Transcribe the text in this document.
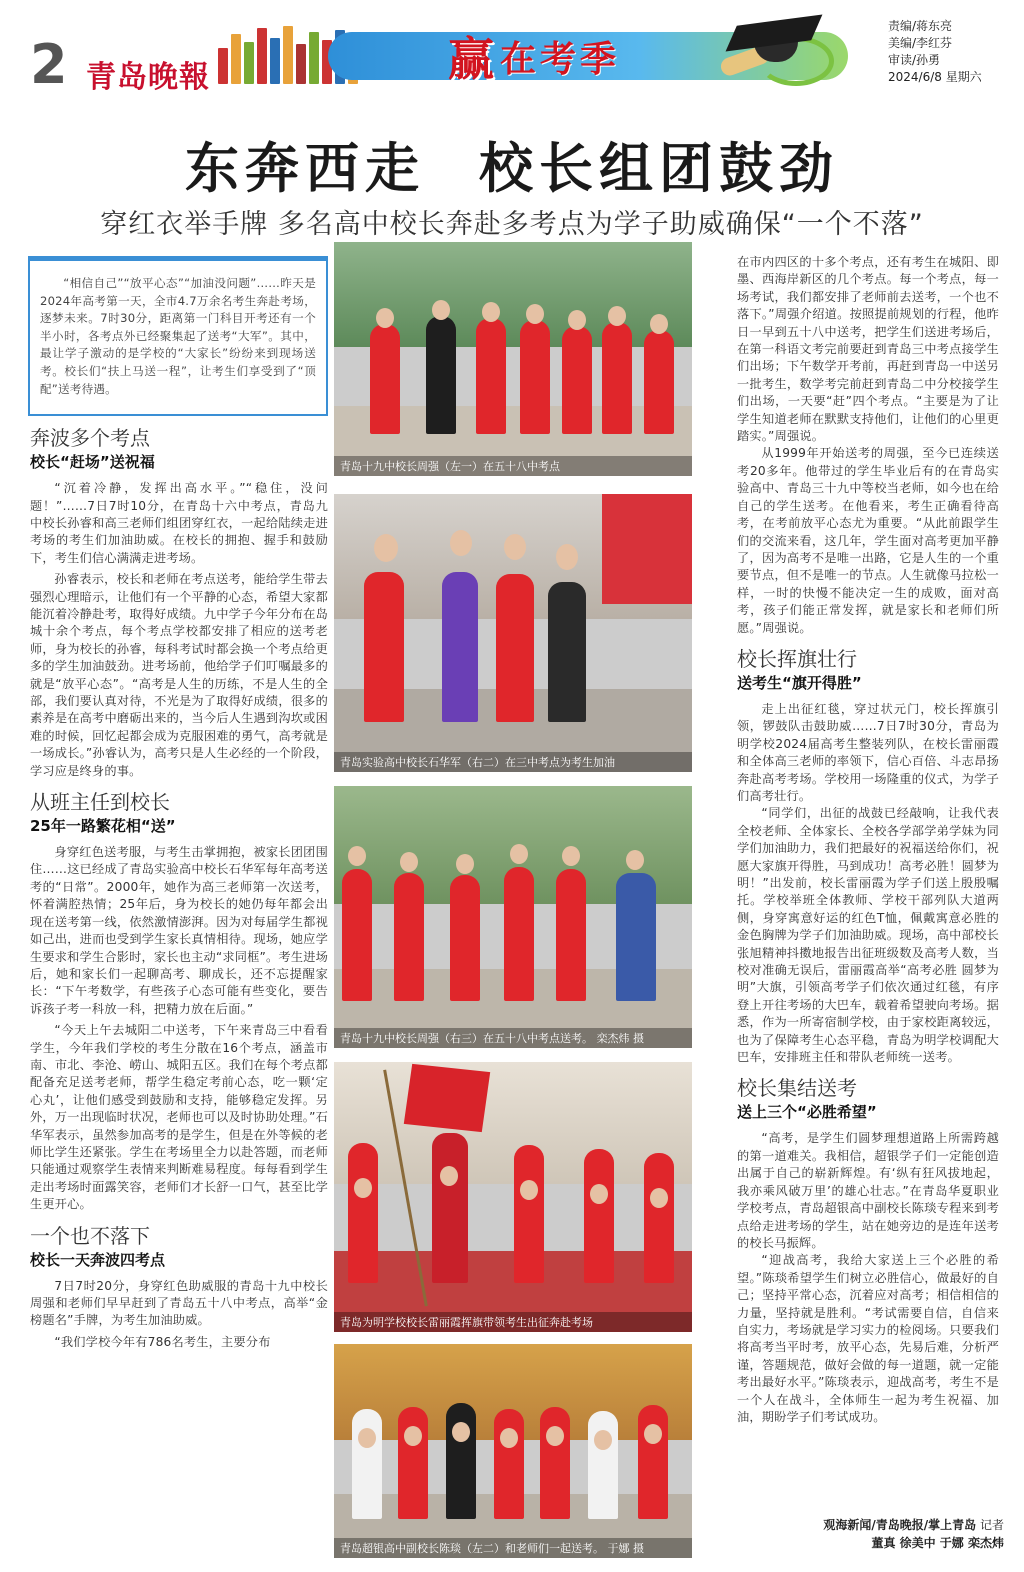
2 青岛晚報	赢 在考季
责编/蒋东亮
美编/李红芬
审读/孙勇
2024/6/8 星期六
东奔西走 校长组团鼓劲
穿红衣举手牌 多名高中校长奔赴多考点为学子助威确保“一个不落”

“相信自己”“放平心态”“加油没问题”……昨天是2024年高考第一天，全市4.7万余名考生奔赴考场，逐梦未来。7时30分，距离第一门科目开考还有一个半小时，各考点外已经聚集起了送考“大军”。其中，最让学子激动的是学校的“大家长”纷纷来到现场送考。校长们“扶上马送一程”，让考生们享受到了“顶配”送考待遇。

奔波多个考点
校长“赶场”送祝福

“沉着冷静，发挥出高水平。”“稳住，没问题！”……7日7时10分，在青岛十六中考点，青岛九中校长孙睿和高三老师们组团穿红衣，一起给陆续走进考场的考生们加油助威。在校长的拥抱、握手和鼓励下，考生们信心满满走进考场。

孙睿表示，校长和老师在考点送考，能给学生带去强烈心理暗示，让他们有一个平静的心态，希望大家都能沉着冷静赴考，取得好成绩。九中学子今年分布在岛城十余个考点，每个考点学校都安排了相应的送考老师，身为校长的孙睿，每科考试时都会换一个考点给更多的学生加油鼓劲。进考场前，他给学子们叮嘱最多的就是“放平心态”。“高考是人生的历练，不是人生的全部，我们要认真对待，不光是为了取得好成绩，很多的素养是在高考中磨砺出来的，当今后人生遇到沟坎或困难的时候，回忆起都会成为克服困难的勇气，高考就是一场成长。”孙睿认为，高考只是人生必经的一个阶段，学习应是终身的事。

从班主任到校长
25年一路繁花相“送”

身穿红色送考服，与考生击掌拥抱，被家长团团围住……这已经成了青岛实验高中校长石华军每年高考送考的“日常”。2000年，她作为高三老师第一次送考，怀着满腔热情；25年后，身为校长的她仍每年都会出现在送考第一线，依然激情澎湃。因为对每届学生都视如己出，进而也受到学生家长真情相待。现场，她应学生要求和学生合影时，家长也主动“求同框”。考生进场后，她和家长们一起聊高考、聊成长，还不忘提醒家长：“下午考数学，有些孩子心态可能有些变化，要告诉孩子考一科放一科，把精力放在后面。”

“今天上午去城阳二中送考，下午来青岛三中看看学生，今年我们学校的考生分散在16个考点，涵盖市南、市北、李沧、崂山、城阳五区。我们在每个考点都配备充足送考老师，帮学生稳定考前心态，吃一颗‘定心丸’，让他们感受到鼓励和支持，能够稳定发挥。另外，万一出现临时状况，老师也可以及时协助处理。”石华军表示，虽然参加高考的是学生，但是在外等候的老师比学生还紧张。学生在考场里全力以赴答题，而老师只能通过观察学生表情来判断难易程度。每每看到学生走出考场时面露笑容，老师们才长舒一口气，甚至比学生更开心。

一个也不落下
校长一天奔波四考点

7日7时20分，身穿红色助威服的青岛十九中校长周强和老师们早早赶到了青岛五十八中考点，高举“金榜题名”手牌，为考生加油助威。

“我们学校今年有786名考生，主要分布

青岛十九中校长周强（左一）在五十八中考点
青岛实验高中校长石华军（右二）在三中考点为考生加油
青岛十九中校长周强（右三）在五十八中考点送考。 栾杰炜 摄
青岛为明学校校长雷丽霞挥旗带领考生出征奔赴考场
青岛超银高中副校长陈琰（左二）和老师们一起送考。 于娜 摄

在市内四区的十多个考点，还有考生在城阳、即墨、西海岸新区的几个考点。每一个考点，每一场考试，我们都安排了老师前去送考，一个也不落下。”周强介绍道。按照提前规划的行程，他昨日一早到五十八中送考，把学生们送进考场后，在第一科语文考完前要赶到青岛三中考点接学生们出场；下午数学开考前，再赶到青岛一中送另一批考生，数学考完前赶到青岛二中分校接学生们出场，一天要“赶”四个考点。“主要是为了让学生知道老师在默默支持他们，让他们的心里更踏实。”周强说。

从1999年开始送考的周强，至今已连续送考20多年。他带过的学生毕业后有的在青岛实验高中、青岛三十九中等校当老师，如今也在给自己的学生送考。在他看来，考生正确看待高考，在考前放平心态尤为重要。“从此前跟学生们的交流来看，这几年，学生面对高考更加平静了，因为高考不是唯一出路，它是人生的一个重要节点，但不是唯一的节点。人生就像马拉松一样，一时的快慢不能决定一生的成败，面对高考，孩子们能正常发挥，就是家长和老师们所愿。”周强说。

校长挥旗壮行
送考生“旗开得胜”

走上出征红毯，穿过状元门，校长挥旗引领，锣鼓队击鼓助威……7日7时30分，青岛为明学校2024届高考生整装列队，在校长雷丽霞和全体高三老师的率领下，信心百倍、斗志昂扬奔赴高考考场。学校用一场隆重的仪式，为学子们高考壮行。

“同学们，出征的战鼓已经敲响，让我代表全校老师、全体家长、全校各学部学弟学妹为同学们加油助力，我们把最好的祝福送给你们，祝愿大家旗开得胜，马到成功！高考必胜！圆梦为明！”出发前，校长雷丽霞为学子们送上殷殷嘱托。学校举班全体教师、学校干部列队大道两侧，身穿寓意好运的红色T恤，佩戴寓意必胜的金色胸牌为学子们加油助威。现场，高中部校长张旭精神抖擞地报告出征班级数及高考人数，当校对准确无误后，雷丽霞高举“高考必胜 圆梦为明”大旗，引领高考学子们依次通过红毯，有序登上开往考场的大巴车，载着希望驶向考场。据悉，作为一所寄宿制学校，由于家校距离较远，也为了保障考生心态平稳，青岛为明学校调配大巴车，安排班主任和带队老师统一送考。

校长集结送考
送上三个“必胜希望”

“高考，是学生们圆梦理想道路上所需跨越的第一道难关。我相信，超银学子们一定能创造出属于自己的崭新辉煌。有‘纵有狂风拔地起，我亦乘风破万里’的雄心壮志。”在青岛华夏职业学校考点，青岛超银高中副校长陈琰专程来到考点给走进考场的学生，站在她旁边的是连年送考的校长马振辉。

“迎战高考，我给大家送上三个必胜的希望。”陈琰希望学生们树立必胜信心，做最好的自己；坚持平常心态，沉着应对高考；相信相信的力量，坚持就是胜利。“考试需要自信，自信来自实力，考场就是学习实力的检阅场。只要我们将高考当平时考，放平心态，先易后难，分析严谨，答题规范，做好会做的每一道题，就一定能考出最好水平。”陈琰表示，迎战高考，考生不是一个人在战斗，全体师生一起为考生祝福、加油，期盼学子们考试成功。

观海新闻/青岛晚报/掌上青岛 记者
董真 徐美中 于娜 栾杰炜
